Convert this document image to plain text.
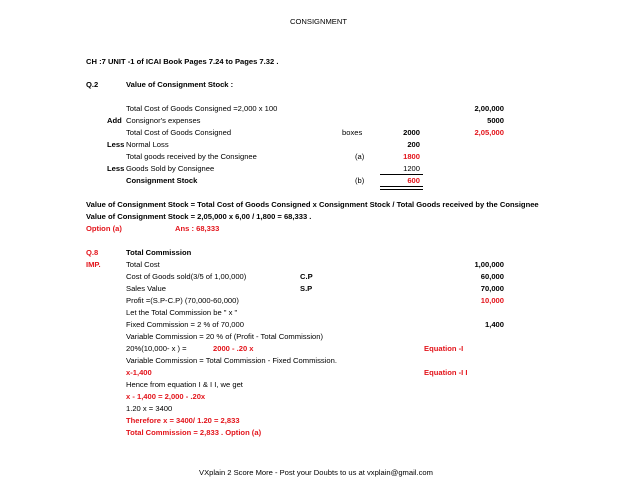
CONSIGNMENT
CH :7 UNIT -1 of ICAI Book Pages 7.24 to Pages 7.32 .
Q.2	Value of Consignment Stock :
Total Cost of Goods Consigned =2,000 x 100	2,00,000
Add Consignor's expenses	5000
Total Cost of Goods Consigned	boxes	2000	2,05,000
Less Normal Loss	200
Total goods received by the Consignee	(a)	1800
Less Goods Sold by Consignee	1200
Consignment Stock	(b)	600
Value of Consignment Stock = Total Cost of Goods Consigned x Consignment Stock / Total Goods received by the Consignee
Value of Consignment Stock = 2,05,000 x 6,00 / 1,800 = 68,333 .
Option (a)	Ans : 68,333
Q.8	Total Commission
IMP.	Total Cost	1,00,000
Cost of Goods sold(3/5 of 1,00,000)	C.P	60,000
Sales Value	S.P	70,000
Profit =(S.P-C.P) (70,000-60,000)	10,000
Let the Total Commission be " x "
Fixed Commission = 2 % of 70,000	1,400
Variable Commission = 20 % of (Profit - Total Commission)
20%(10,000- x ) =	2000 - .20 x	Equation -I
Variable Commission = Total Commission - Fixed Commission.
x-1,400	Equation -I I
Hence from equation I & I I, we get
x - 1,400 = 2,000 - .20x
1.20 x = 3400
Therefore x = 3400/ 1.20 = 2,833
Total Commission = 2,833 . Option (a)
VXplain 2 Score More - Post your Doubts to us at vxplain@gmail.com
